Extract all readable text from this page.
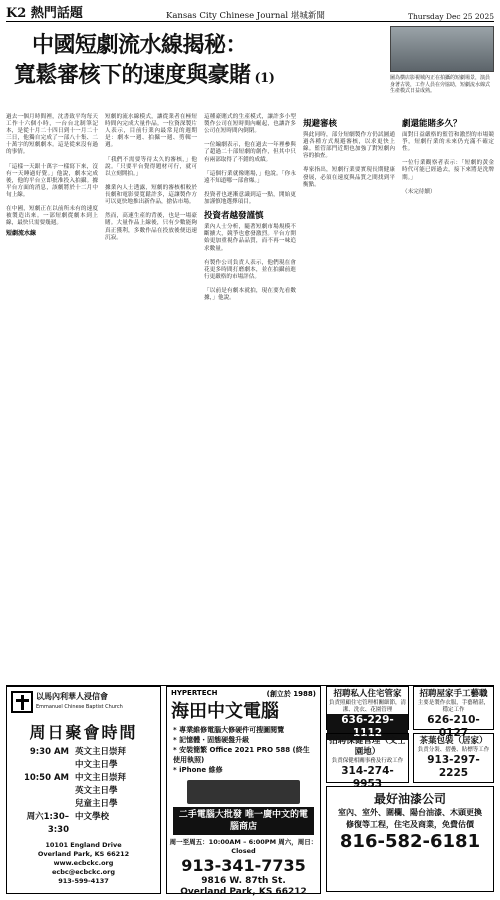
K2 熱門話題	Kansas City Chinese Journal 堪城新聞	Thursday Dec 25 2025
中國短劇流水線揭秘：
寬鬆審核下的速度與豪賭 (1)	圖為横店影視城內正在拍攝的短劇場景，演員身著古裝，工作人員在旁協助，短劇流水線式生產模式日益成熟。
過去一個月時間裡，沈書致平均每天工作十六個小時，一台台北制筆記本，是從十月二十四日到十一月二十三日，他獨自完成了一部八十集、二十萬字的短劇劇本。這是從來沒有過的事情。

「這樣一天跟十萬字一樣寫下來，沒有一天睡過好覺。」他說，劇本完成後，他的平台立即批准投入拍攝。據平台方面的消息，該劇將於十二月中旬上線。

在中國，短劇正在以前所未有的速度被製造出來。一部短劇從劇本到上線，最快只需要幾週。
短劇流水線
短劇的流水線模式，讓從業者在極短時間內完成大量作品。一位資深製片人表示，目前行業內最常見的週期是：劇本一週、拍攝一週、剪輯一週。

「我們不需要等待太久的審核，」他說。「只要平台覺得題材可行，就可以立刻開拍。」

據業內人士透露，短劇的審核相較於長劇和電影要寬鬆許多，這讓製作方可以更快地推出新作品，搶佔市場。

然而，高速生產的背後，也是一場豪賭。大量作品上線後，只有少數能夠真正獲利，多數作品在投放後便迅速沉寂。
這種豪賭式的生產模式，讓許多小型製作公司在短時間內崛起，也讓許多公司在短時間內倒閉。

一位編劇表示，他在過去一年裡參與了超過二十部短劇的創作，但其中只有兩部取得了不錯的成績。

「這個行業就像賭場，」他說。「你永遠不知道哪一部會爆。」

投資者也逐漸意識到這一點，開始更加謹慎地選擇項目。
投資者越發謹慎
業內人士分析，隨著短劇市場規模不斷擴大，競爭也愈發激烈。平台方開始更加重視作品品質，而不再一味追求數量。

有製作公司負責人表示，他們現在會花更多時間打磨劇本，並在拍攝前進行更嚴格的市場評估。

「以前是有劇本就拍，現在要先看數據，」他說。
規避審核
與此同時，部分短劇製作方仍試圖通過各種方式規避審核，以求更快上線。監管部門近期也加強了對短劇內容的抽查。

專家指出，短劇行業要實現長期健康發展，必須在速度與品質之間找到平衡點。
劇還能賭多久？
面對日益嚴格的監管和激烈的市場競爭，短劇行業的未來仍充滿不確定性。

一位行業觀察者表示：「短劇的黃金時代可能已經過去，接下來將是洗牌期。」

（未完待續）
以馬內利華人浸信會
Emmanuel Chinese Baptist Church
周日聚會時間
9:30 AM 英文主日崇拜
中文主日學
10:50 AM 中文主日崇拜
英文主日學
兒童主日學
周六1:30–3:30
中文學校
10101 England Drive
Overland Park, KS 66212
www.ecbckc.org
ecbc@ecbckc.org
913-599-4137
HYPERTECH	(創立於 1988)
海田中文電腦
* 專業維修電腦大修硬件可搜圖閱覽
* 記憶體・固態硬盤升級
* 安裝簡繁 Office 2021 PRO 588 (終生使用執照)
* iPhone 維修
二手電腦大批發 唯一廣中文的電腦商店
周一至周五：10:00AM – 6:00PM 周六，周日：Closed
913-341-7735
9816 W. 87th St.
Overland Park, KS 66212
招聘私人住宅管家
負責照顧住宅管理相關細節，清潔、洗衣、花園管理
636-229-1112
招聘屋家手工藝職
主要是製作衣服，手藝精湛，穩定工作
626-210-0127
招聘保健管理（文士園地）
負責保健相關事務及行政工作
314-274-9953
茶葉包裝（居家）
負責分裝、摺疊、貼標等工作
913-297-2225
最好油漆公司
室內、室外、圍欄、陽台油漆、木頭更換
修復等工程，住宅及商業，免費估價
816-582-6181
